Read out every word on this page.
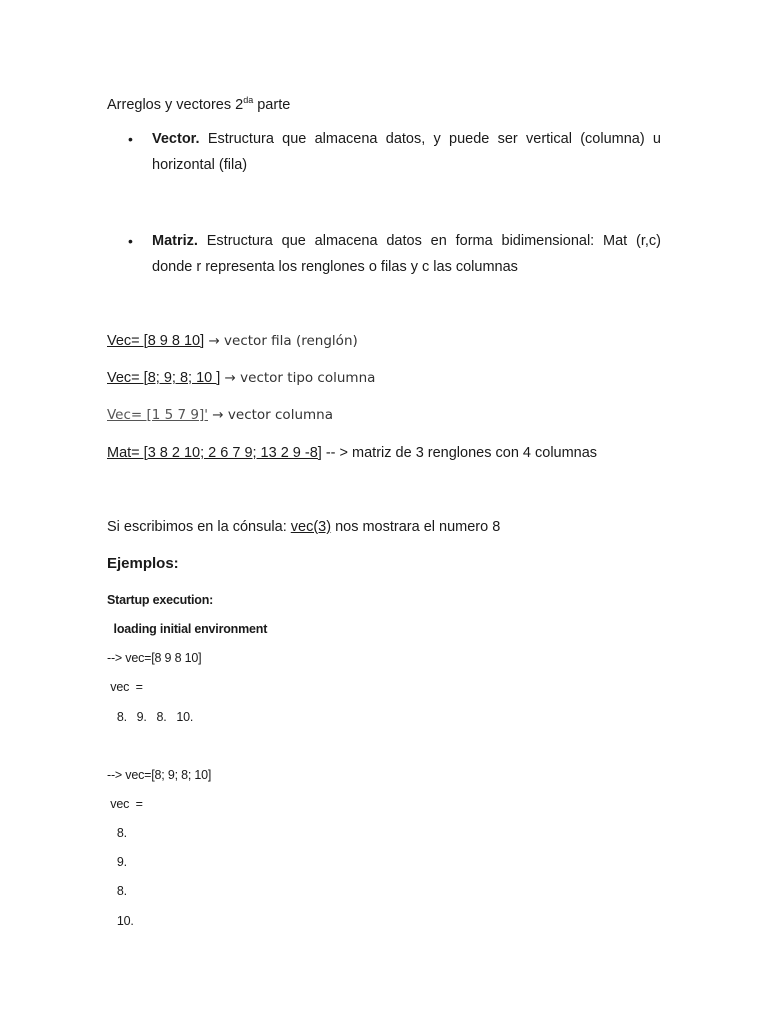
Arreglos y vectores $2^{da}$ parte
• Vector. Estructura que almacena datos, y puede ser vertical (columna) u horizontal (fila)
• Matriz. Estructura que almacena datos en forma bidimensional: Mat (r,c) donde r representa los renglones o filas y c las columnas
Vec= [8 9 8 10] → vector fila (renglón)
Vec= [8; 9; 8; 10 ] → vector tipo columna
Vec= [1 5 7 9]' → vector columna
Mat= [3 8 2 10; 2 6 7 9; 13 2 9 -8] -- > matriz de 3 renglones con 4 columnas
Si escribimos en la cónsula: vec(3) nos mostrara el numero 8
Ejemplos:
Startup execution:
loading initial environment
--> vec=[8 9 8 10]
vec  =
8.   9.   8.   10.
--> vec=[8; 9; 8; 10]
vec  =
8.
9.
8.
10.
